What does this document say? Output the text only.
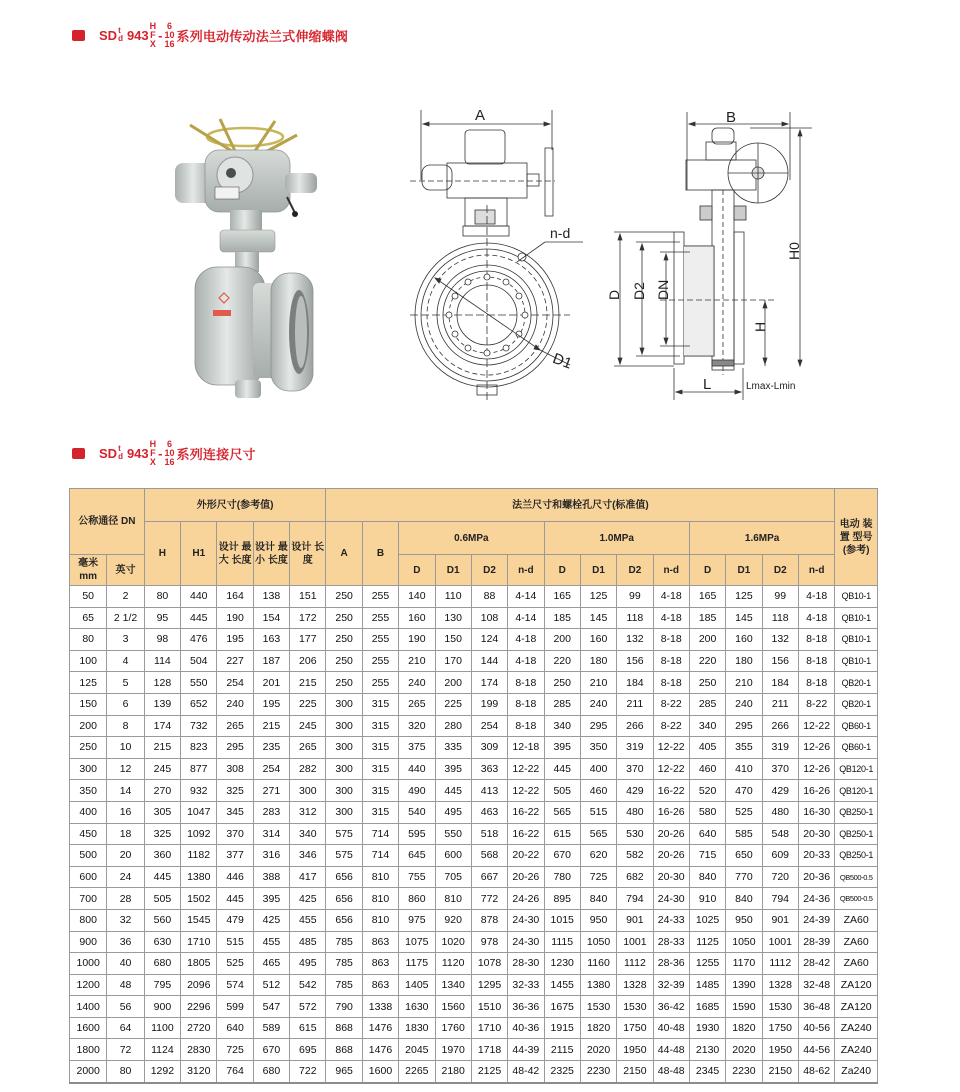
SD t
d 943
H
F
X
-
6
10
16 系列电动传动法兰式伸缩蝶阀
A
n-d
D1
B
H0
D D2 DN
H
L	Lmax-Lmin
SD t
d 943
H
F
X
-
6
10
16 系列连接尺寸
公称通径 DN		外形尺寸(参考值)					法兰尺寸和螺栓孔尺寸(标准值)														电动 装置 型号 (参考)
		H	H1	设计 最大 长度	设计 最小 长度	设计 长度	A	B	0.6MPa				1.0MPa				1.6MPa				
毫米 mm	英寸								D	D1	D2	n-d	D	D1	D2	n-d	D	D1	D2	n-d	
50	2	80	440	164	138	151	250	255	140	110	88	4-14	165	125	99	4-18	165	125	99	4-18	QB10-1
65	2 1/2	95	445	190	154	172	250	255	160	130	108	4-14	185	145	118	4-18	185	145	118	4-18	QB10-1
80	3	98	476	195	163	177	250	255	190	150	124	4-18	200	160	132	8-18	200	160	132	8-18	QB10-1
100	4	114	504	227	187	206	250	255	210	170	144	4-18	220	180	156	8-18	220	180	156	8-18	QB10-1
125	5	128	550	254	201	215	250	255	240	200	174	8-18	250	210	184	8-18	250	210	184	8-18	QB20-1
150	6	139	652	240	195	225	300	315	265	225	199	8-18	285	240	211	8-22	285	240	211	8-22	QB20-1
200	8	174	732	265	215	245	300	315	320	280	254	8-18	340	295	266	8-22	340	295	266	12-22	QB60-1
250	10	215	823	295	235	265	300	315	375	335	309	12-18	395	350	319	12-22	405	355	319	12-26	QB60-1
300	12	245	877	308	254	282	300	315	440	395	363	12-22	445	400	370	12-22	460	410	370	12-26	QB120-1
350	14	270	932	325	271	300	300	315	490	445	413	12-22	505	460	429	16-22	520	470	429	16-26	QB120-1
400	16	305	1047	345	283	312	300	315	540	495	463	16-22	565	515	480	16-26	580	525	480	16-30	QB250-1
450	18	325	1092	370	314	340	575	714	595	550	518	16-22	615	565	530	20-26	640	585	548	20-30	QB250-1
500	20	360	1182	377	316	346	575	714	645	600	568	20-22	670	620	582	20-26	715	650	609	20-33	QB250-1
600	24	445	1380	446	388	417	656	810	755	705	667	20-26	780	725	682	20-30	840	770	720	20-36	QB500-0.5
700	28	505	1502	445	395	425	656	810	860	810	772	24-26	895	840	794	24-30	910	840	794	24-36	QB500-0.5
800	32	560	1545	479	425	455	656	810	975	920	878	24-30	1015	950	901	24-33	1025	950	901	24-39	ZA60
900	36	630	1710	515	455	485	785	863	1075	1020	978	24-30	1115	1050	1001	28-33	1125	1050	1001	28-39	ZA60
1000	40	680	1805	525	465	495	785	863	1175	1120	1078	28-30	1230	1160	1112	28-36	1255	1170	1112	28-42	ZA60
1200	48	795	2096	574	512	542	785	863	1405	1340	1295	32-33	1455	1380	1328	32-39	1485	1390	1328	32-48	ZA120
1400	56	900	2296	599	547	572	790	1338	1630	1560	1510	36-36	1675	1530	1530	36-42	1685	1590	1530	36-48	ZA120
1600	64	1100	2720	640	589	615	868	1476	1830	1760	1710	40-36	1915	1820	1750	40-48	1930	1820	1750	40-56	ZA240
1800	72	1124	2830	725	670	695	868	1476	2045	1970	1718	44-39	2115	2020	1950	44-48	2130	2020	1950	44-56	ZA240
2000	80	1292	3120	764	680	722	965	1600	2265	2180	2125	48-42	2325	2230	2150	48-48	2345	2230	2150	48-62	Za240
